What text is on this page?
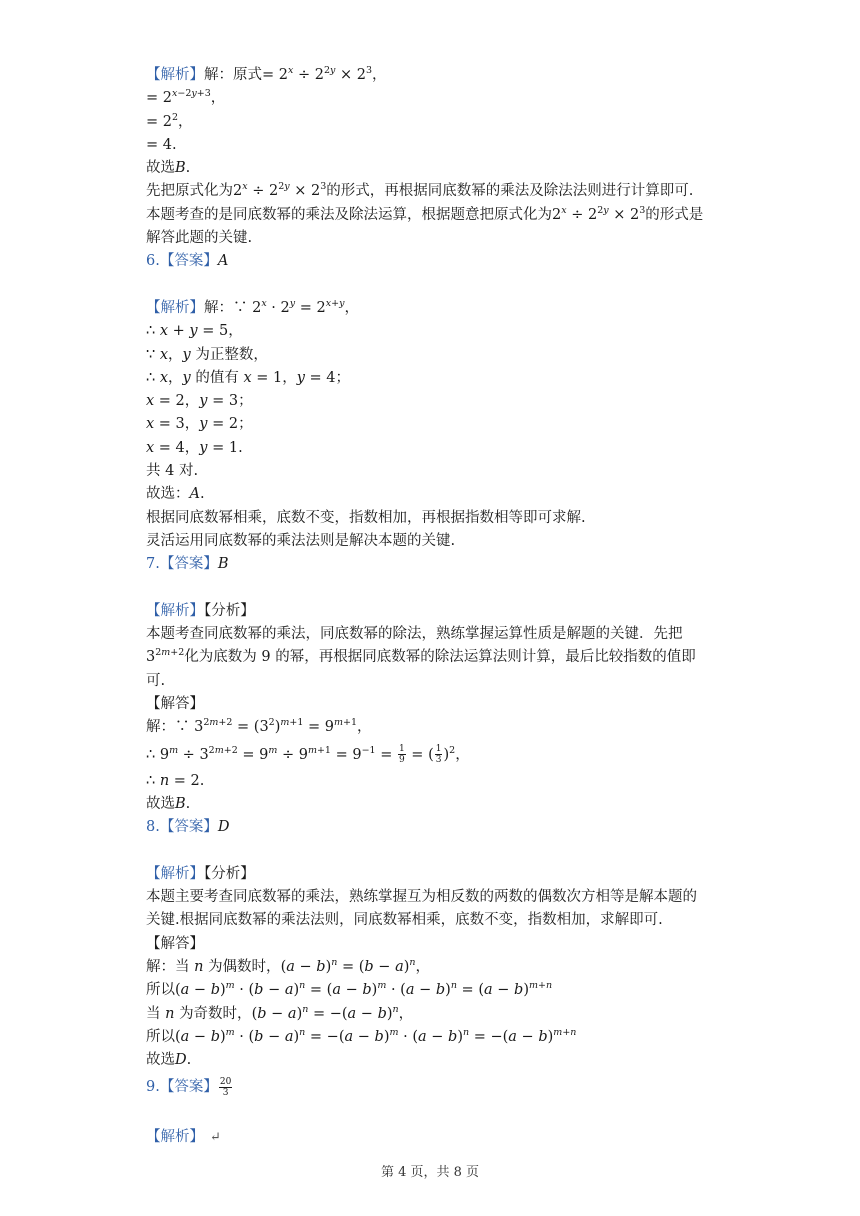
【解析】解：原式= $2^x \div 2^{2y} \times 2^3$，
= $2^{x-2y+3}$，
= $2^2$，
= 4.
故选B.
先把原式化为$2^x \div 2^{2y} \times 2^3$的形式，再根据同底数幂的乘法及除法法则进行计算即可.
本题考查的是同底数幂的乘法及除法运算，根据题意把原式化为$2^x \div 2^{2y} \times 2^3$的形式是
解答此题的关键.
6.【答案】A
【解析】解：∵ $2^x \cdot 2^y = 2^{x+y}$，
∴ x + y = 5，
∵ x，y 为正整数，
∴ x，y 的值有 x = 1，y = 4；
x = 2，y = 3；
x = 3，y = 2；
x = 4，y = 1.
共 4 对.
故选：A.
根据同底数幂相乘，底数不变，指数相加，再根据指数相等即可求解.
灵活运用同底数幂的乘法法则是解决本题的关键.
7.【答案】B
【解析】【分析】
本题考查同底数幂的乘法，同底数幂的除法，熟练掌握运算性质是解题的关键．先把
$3^{2m+2}$化为底数为 9 的幂，再根据同底数幂的除法运算法则计算，最后比较指数的值即
可.
【解答】
解：∵ $3^{2m+2} = (3^2)^{m+1} = 9^{m+1}$，
∴ $9^m \div 3^{2m+2} = 9^m \div 9^{m+1} = 9^{-1} = \frac{1}{9}$ = ( $\frac{1}{3} )^2$，
∴ n = 2.
故选B.
8.【答案】D
【解析】【分析】
本题主要考查同底数幂的乘法，熟练掌握互为相反数的两数的偶数次方相等是解本题的
关键.根据同底数幂的乘法法则，同底数幂相乘，底数不变，指数相加，求解即可.
【解答】
解：当 n 为偶数时，$(a - b)^n = (b - a)^n$，
所以$(a - b)^m \cdot (b - a)^n = (a - b)^m \cdot (a - b)^n = (a - b)^{m+n}$
当 n 为奇数时，$(b - a)^n = -(a - b)^n$，
所以$(a - b)^m \cdot (b - a)^n = -(a - b)^m \cdot (a - b)^n = -(a - b)^{m+n}$
故选D.
9.【答案】 $\frac{20}{3}$
【解析】 ↵
第 4 页，共 8 页
